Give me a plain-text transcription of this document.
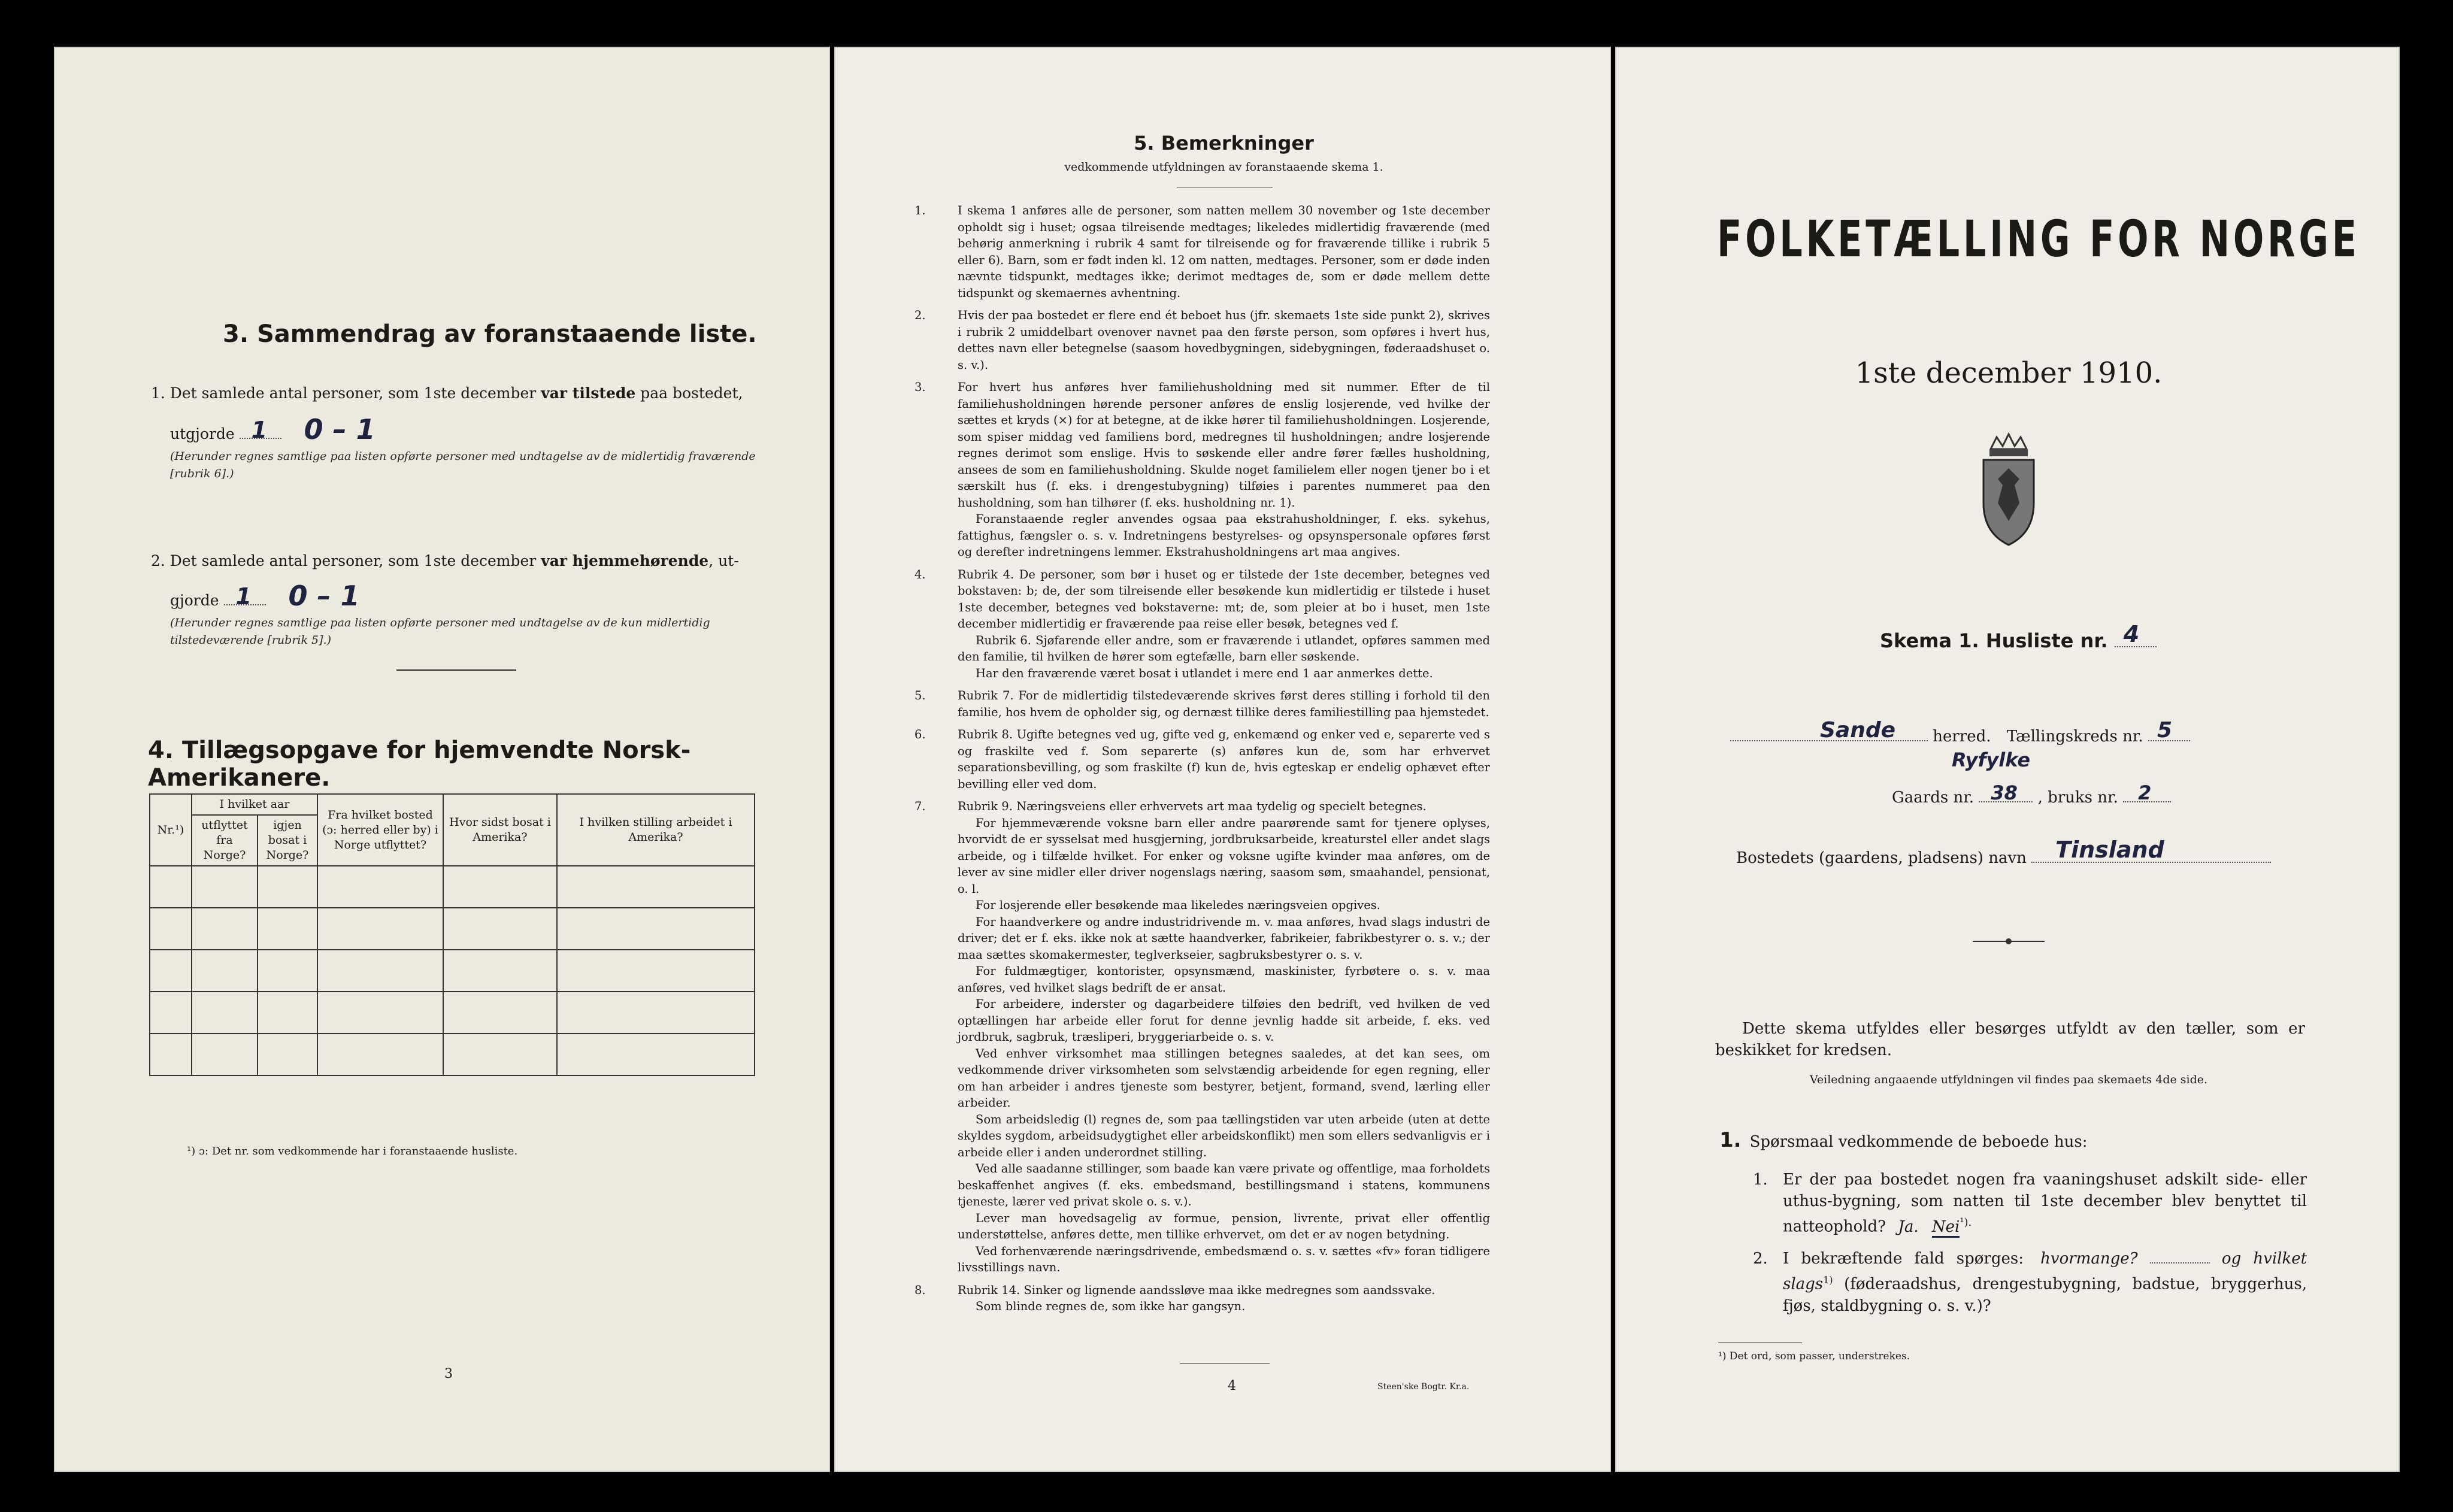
3. Sammendrag av foranstaaende liste.
1. Det samlede antal personer, som 1ste december var tilstede paa bostedet,
utgjorde 1 0 – 1
(Herunder regnes samtlige paa listen opførte personer med undtagelse av de midlertidig fraværende [rubrik 6].)
2. Det samlede antal personer, som 1ste december var hjemmehørende, ut-
gjorde 1 0 – 1
(Herunder regnes samtlige paa listen opførte personer med undtagelse av de kun midlertidig tilstedeværende [rubrik 5].)
4. Tillægsopgave for hjemvendte Norsk-Amerikanere.
Nr.¹)	I hvilket aar		Fra hvilket bosted (ɔ: herred eller by) i Norge utflyttet?	Hvor sidst bosat i Amerika?	I hvilken stilling arbeidet i Amerika?
	utflyttet fra Norge?	igjen bosat i Norge?			

¹) ɔ: Det nr. som vedkommende har i foranstaaende husliste.
3
5. Bemerkninger
vedkommende utfyldningen av foranstaaende skema 1.

1.	I skema 1 anføres alle de personer, som natten mellem 30 november og 1ste december opholdt sig i huset; ogsaa tilreisende medtages; likeledes midlertidig fraværende (med behørig anmerkning i rubrik 4 samt for tilreisende og for fraværende tillike i rubrik 5 eller 6). Barn, som er født inden kl. 12 om natten, medtages. Personer, som er døde inden nævnte tidspunkt, medtages ikke; derimot medtages de, som er døde mellem dette tidspunkt og skemaernes avhentning.

2.	Hvis der paa bostedet er flere end ét beboet hus (jfr. skemaets 1ste side punkt 2), skrives i rubrik 2 umiddelbart ovenover navnet paa den første person, som opføres i hvert hus, dettes navn eller betegnelse (saasom hovedbygningen, sidebygningen, føderaadshuset o. s. v.).

3.	For hvert hus anføres hver familiehusholdning med sit nummer. Efter de til familiehusholdningen hørende personer anføres de enslig losjerende, ved hvilke der sættes et kryds (×) for at betegne, at de ikke hører til familiehusholdningen. Losjerende, som spiser middag ved familiens bord, medregnes til husholdningen; andre losjerende regnes derimot som enslige. Hvis to søskende eller andre fører fælles husholdning, ansees de som en familiehusholdning. Skulde noget familielem eller nogen tjener bo i et særskilt hus (f. eks. i drengestubygning) tilføies i parentes nummeret paa den husholdning, som han tilhører (f. eks. husholdning nr. 1).

Foranstaaende regler anvendes ogsaa paa ekstrahusholdninger, f. eks. sykehus, fattighus, fængsler o. s. v. Indretningens bestyrelses- og opsynspersonale opføres først og derefter indretningens lemmer. Ekstrahusholdningens art maa angives.

4.	Rubrik 4. De personer, som bør i huset og er tilstede der 1ste december, betegnes ved bokstaven: b; de, der som tilreisende eller besøkende kun midlertidig er tilstede i huset 1ste december, betegnes ved bokstaverne: mt; de, som pleier at bo i huset, men 1ste december midlertidig er fraværende paa reise eller besøk, betegnes ved f.

Rubrik 6. Sjøfarende eller andre, som er fraværende i utlandet, opføres sammen med den familie, til hvilken de hører som egtefælle, barn eller søskende.

Har den fraværende været bosat i utlandet i mere end 1 aar anmerkes dette.

5.	Rubrik 7. For de midlertidig tilstedeværende skrives først deres stilling i forhold til den familie, hos hvem de opholder sig, og dernæst tillike deres familiestilling paa hjemstedet.

6.	Rubrik 8. Ugifte betegnes ved ug, gifte ved g, enkemænd og enker ved e, separerte ved s og fraskilte ved f. Som separerte (s) anføres kun de, som har erhvervet separationsbevilling, og som fraskilte (f) kun de, hvis egteskap er endelig ophævet efter bevilling eller ved dom.

7.	Rubrik 9. Næringsveiens eller erhvervets art maa tydelig og specielt betegnes.

For hjemmeværende voksne barn eller andre paarørende samt for tjenere oplyses, hvorvidt de er sysselsat med husgjerning, jordbruksarbeide, kreaturstel eller andet slags arbeide, og i tilfælde hvilket. For enker og voksne ugifte kvinder maa anføres, om de lever av sine midler eller driver nogenslags næring, saasom søm, smaahandel, pensionat, o. l.

For losjerende eller besøkende maa likeledes næringsveien opgives.

For haandverkere og andre industridrivende m. v. maa anføres, hvad slags industri de driver; det er f. eks. ikke nok at sætte haandverker, fabrikeier, fabrikbestyrer o. s. v.; der maa sættes skomakermester, teglverkseier, sagbruksbestyrer o. s. v.

For fuldmægtiger, kontorister, opsynsmænd, maskinister, fyrbøtere o. s. v. maa anføres, ved hvilket slags bedrift de er ansat.

For arbeidere, inderster og dagarbeidere tilføies den bedrift, ved hvilken de ved optællingen har arbeide eller forut for denne jevnlig hadde sit arbeide, f. eks. ved jordbruk, sagbruk, træsliperi, bryggeriarbeide o. s. v.

Ved enhver virksomhet maa stillingen betegnes saaledes, at det kan sees, om vedkommende driver virksomheten som selvstændig arbeidende for egen regning, eller om han arbeider i andres tjeneste som bestyrer, betjent, formand, svend, lærling eller arbeider.

Som arbeidsledig (l) regnes de, som paa tællingstiden var uten arbeide (uten at dette skyldes sygdom, arbeidsudygtighet eller arbeidskonflikt) men som ellers sedvanligvis er i arbeide eller i anden underordnet stilling.

Ved alle saadanne stillinger, som baade kan være private og offentlige, maa forholdets beskaffenhet angives (f. eks. embedsmand, bestillingsmand i statens, kommunens tjeneste, lærer ved privat skole o. s. v.).

Lever man hovedsagelig av formue, pension, livrente, privat eller offentlig understøttelse, anføres dette, men tillike erhvervet, om det er av nogen betydning.

Ved forhenværende næringsdrivende, embedsmænd o. s. v. sættes «fv» foran tidligere livsstillings navn.

8.	Rubrik 14. Sinker og lignende aandssløve maa ikke medregnes som aandssvake.

Som blinde regnes de, som ikke har gangsyn.

4	Steen'ske Bogtr. Kr.a.
FOLKETÆLLING FOR NORGE
1ste december 1910.
Skema 1. Husliste nr. 4
Sande herred. Tællingskreds nr. 5
Ryfylke
Gaards nr. 38 , bruks nr. 2
Bostedets (gaardens, pladsens) navn Tinsland
Dette skema utfyldes eller besørges utfyldt av den tæller, som er beskikket for kredsen.
Veiledning angaaende utfyldningen vil findes paa skemaets 4de side.
1. Spørsmaal vedkommende de beboede hus:
1. Er der paa bostedet nogen fra vaaningshuset adskilt side- eller uthus-bygning, som natten til 1ste december blev benyttet til natteophold? Ja. Nei$^{^1).}$
2. I bekræftende fald spørges: hvormange?	og hvilket slags$^{1)}$ (føderaadshus, drengestubygning, badstue, bryggerhus, fjøs, staldbygning o. s. v.)?
¹) Det ord, som passer, understrekes.
